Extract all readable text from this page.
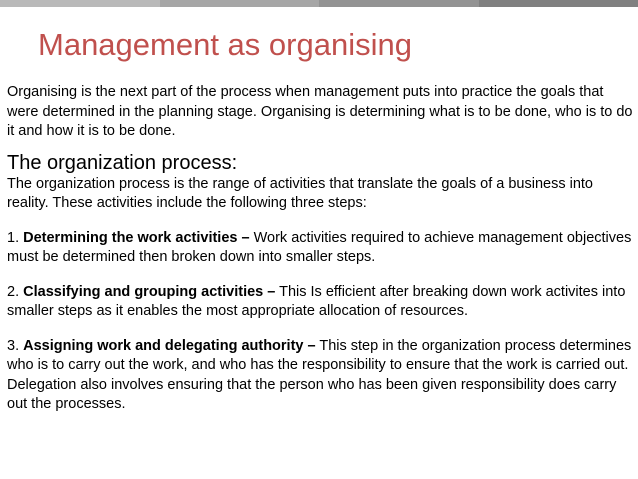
Management as organising

Organising is the next part of the process when management puts into practice the goals that were determined in the planning stage. Organising is determining what is to be done, who is to do it and how it is to be done.

The organization process:

The organization process is the range of activities that translate the goals of a business into reality. These activities include the following three steps:

1. Determining the work activities – Work activities required to achieve management objectives must be determined then broken down into smaller steps.

2. Classifying and grouping activities – This Is efficient after breaking down work activites into smaller steps as it enables the most appropriate allocation of resources.

3. Assigning work and delegating authority – This step in the organization process determines who is to carry out the work, and who has the responsibility to ensure that the work is carried out. Delegation also involves ensuring that the person who has been given responsibility does carry out the processes.
